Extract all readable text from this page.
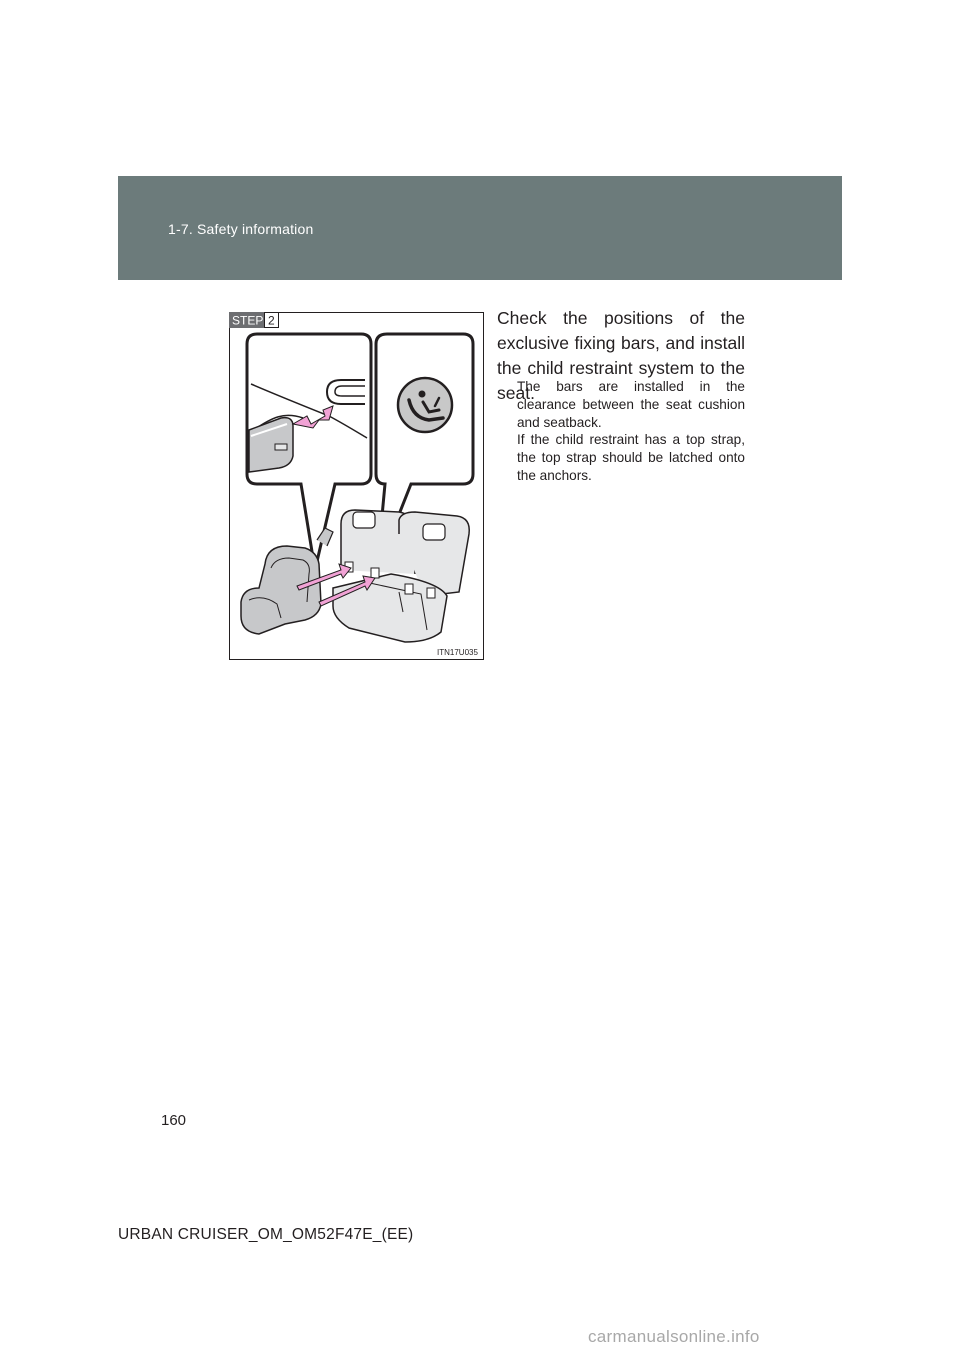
1-7. Safety information
STEP 2
ITN17U035
Check the positions of the exclusive fixing bars, and install the child restraint system to the seat.
The bars are installed in the clearance between the seat cushion and seatback.
If the child restraint has a top strap, the top strap should be latched onto the anchors.
160
URBAN CRUISER_OM_OM52F47E_(EE)
carmanualsonline.info
